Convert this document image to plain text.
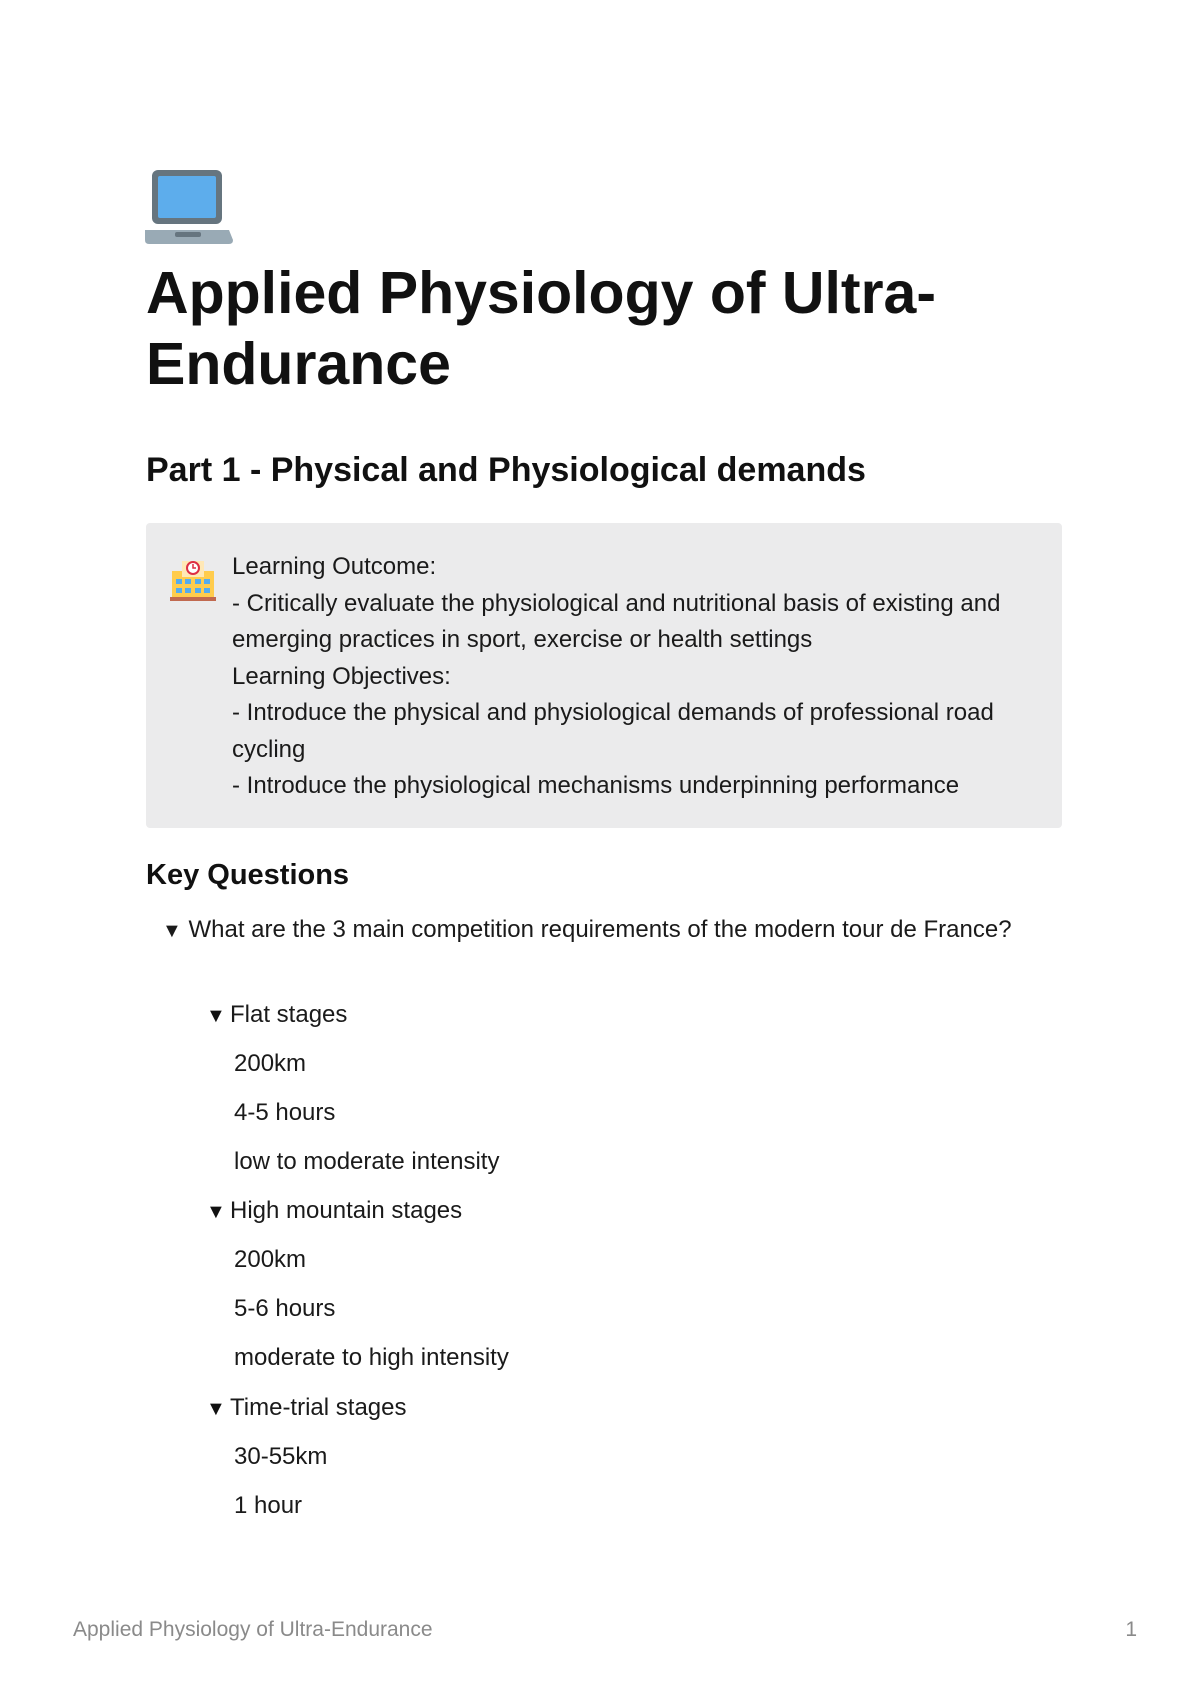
Applied Physiology of Ultra-Endurance
Part 1 - Physical and Physiological demands

Learning Outcome:
- Critically evaluate the physiological and nutritional basis of existing and emerging practices in sport, exercise or health settings
Learning Objectives:
- Introduce the physical and physiological demands of professional road cycling
- Introduce the physiological mechanisms underpinning performance

Key Questions
▼ What are the 3 main competition requirements of the modern tour de France?
▼ Flat stages
200km
4-5 hours
low to moderate intensity
▼ High mountain stages
200km
5-6 hours
moderate to high intensity
▼ Time-trial stages
30-55km
1 hour
Applied Physiology of Ultra-Endurance	1
